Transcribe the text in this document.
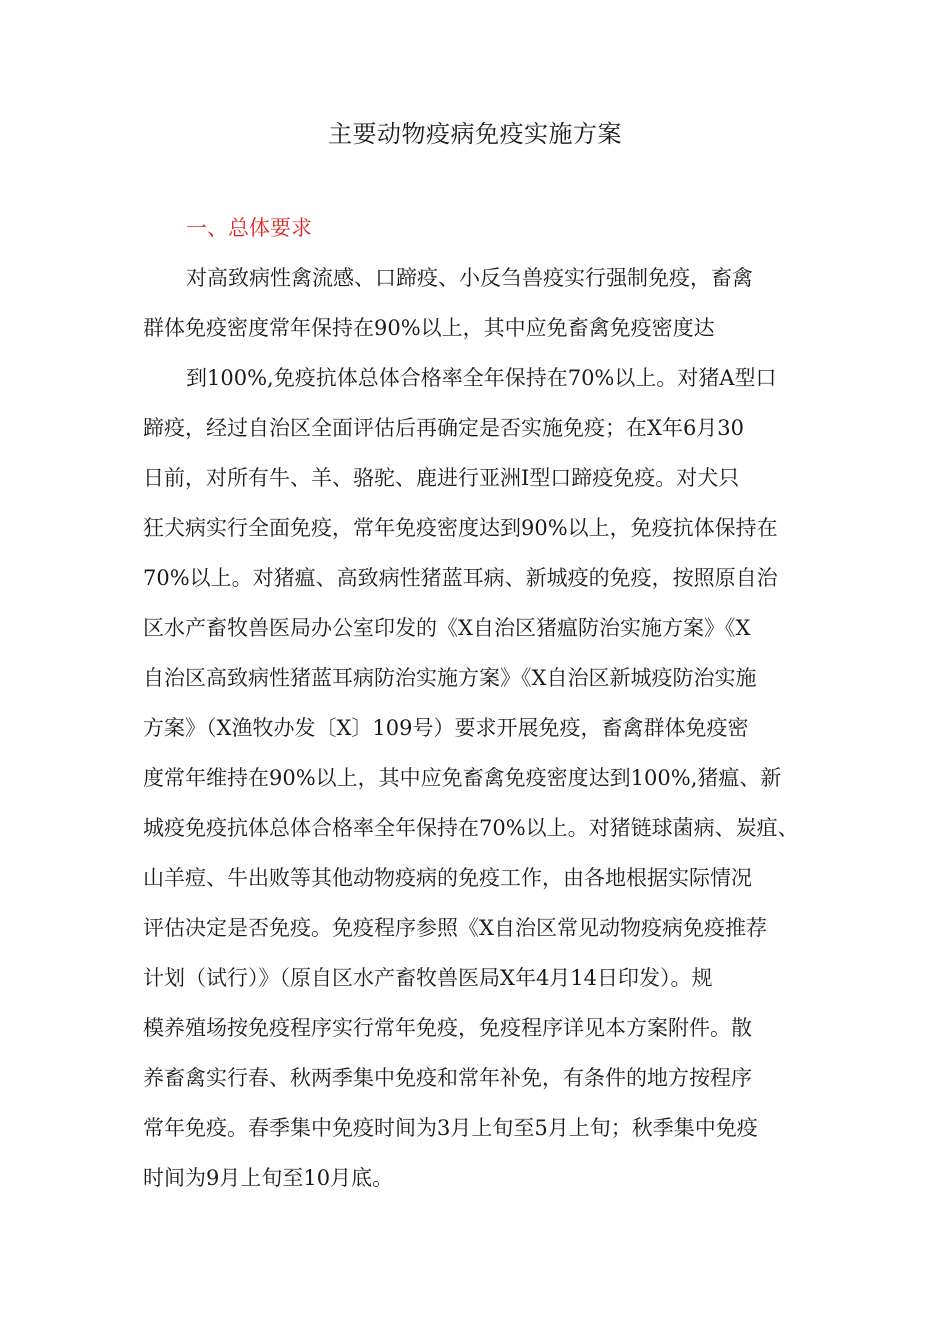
主要动物疫病免疫实施方案
一、总体要求
对高致病性禽流感、口蹄疫、小反刍兽疫实行强制免疫，畜禽
群体免疫密度常年保持在90%以上，其中应免畜禽免疫密度达
到100%,免疫抗体总体合格率全年保持在70%以上。对猪A型口
蹄疫，经过自治区全面评估后再确定是否实施免疫；在X年6月30
日前，对所有牛、羊、骆驼、鹿进行亚洲I型口蹄疫免疫。对犬只
狂犬病实行全面免疫，常年免疫密度达到90%以上，免疫抗体保持在
70%以上。对猪瘟、高致病性猪蓝耳病、新城疫的免疫，按照原自治
区水产畜牧兽医局办公室印发的《X自治区猪瘟防治实施方案》《X
自治区高致病性猪蓝耳病防治实施方案》《X自治区新城疫防治实施
方案》（X渔牧办发〔X〕109号）要求开展免疫，畜禽群体免疫密
度常年维持在90%以上，其中应免畜禽免疫密度达到100%,猪瘟、新
城疫免疫抗体总体合格率全年保持在70%以上。对猪链球菌病、炭疽、
山羊痘、牛出败等其他动物疫病的免疫工作，由各地根据实际情况
评估决定是否免疫。免疫程序参照《X自治区常见动物疫病免疫推荐
计划（试行）》（原自区水产畜牧兽医局X年4月14日印发）。规
模养殖场按免疫程序实行常年免疫，免疫程序详见本方案附件。散
养畜禽实行春、秋两季集中免疫和常年补免，有条件的地方按程序
常年免疫。春季集中免疫时间为3月上旬至5月上旬；秋季集中免疫
时间为9月上旬至10月底。
